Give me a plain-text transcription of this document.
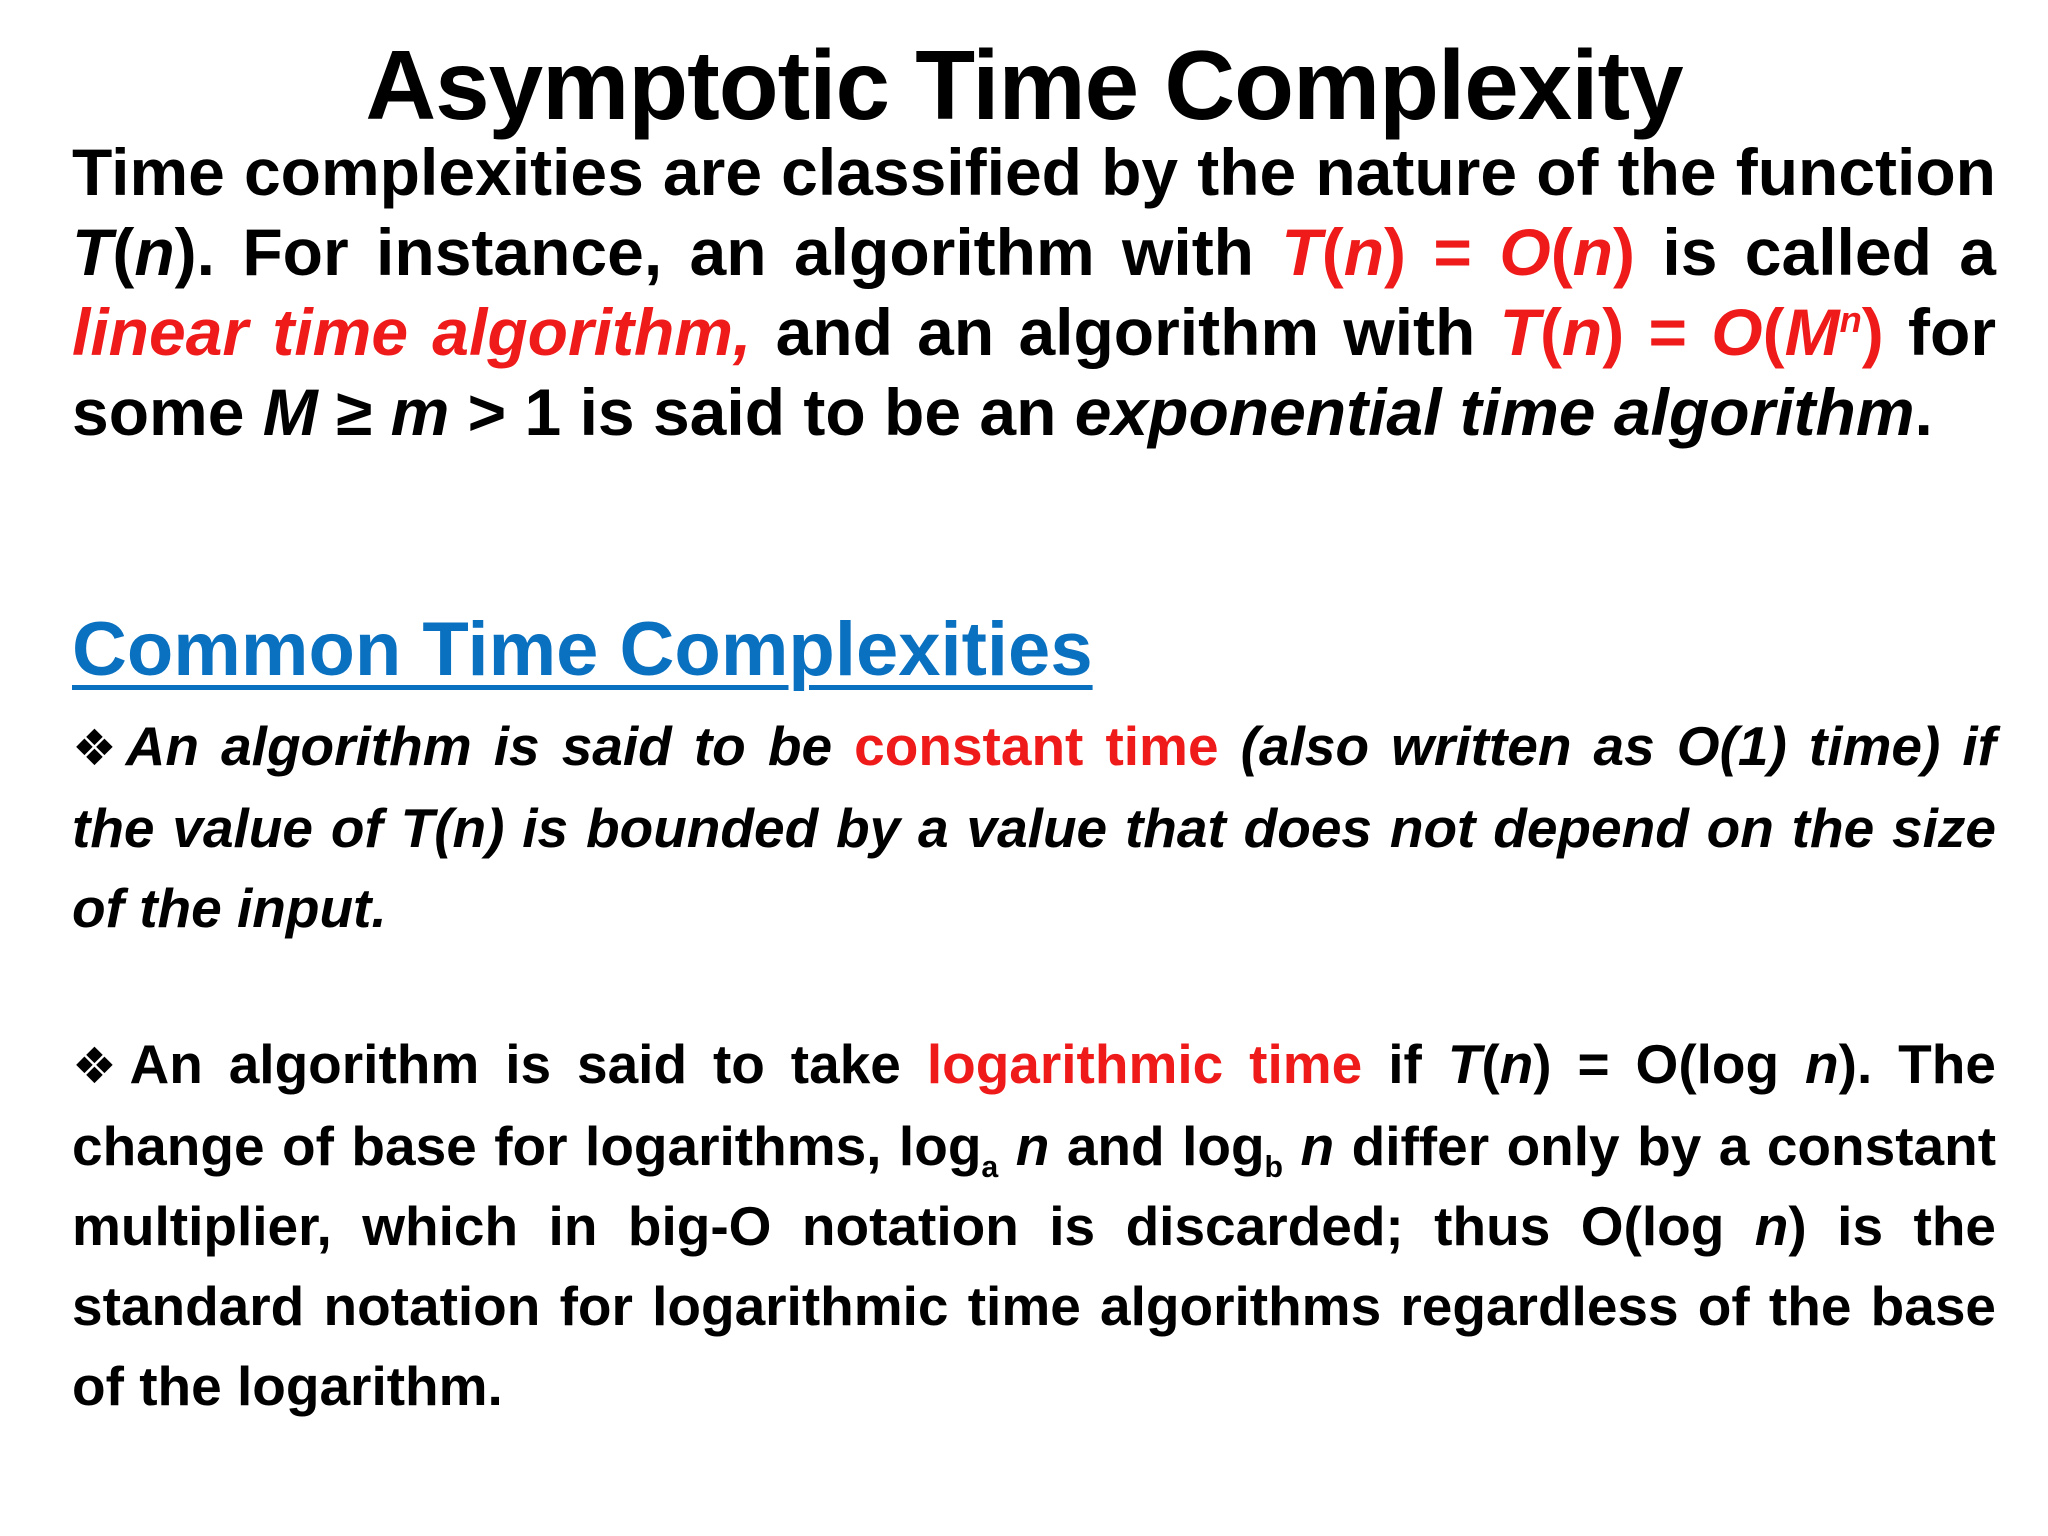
Asymptotic Time Complexity
Time complexities are classified by the nature of the function T(n). For instance, an algorithm with T(n) = O(n) is called a linear time algorithm, and an algorithm with $T(n) = O(M^n)$ for some M ≥ m > 1 is said to be an exponential time algorithm.
Common Time Complexities
❖An algorithm is said to be constant time (also written as O(1) time) if the value of T(n) is bounded by a value that does not depend on the size of the input.
❖An algorithm is said to take logarithmic time if T(n) = O(log n). The change of base for logarithms, $\log_a n$ and $\log_b n$ differ only by a constant multiplier, which in big-O notation is discarded; thus O(log n) is the standard notation for logarithmic time algorithms regardless of the base of the logarithm.
